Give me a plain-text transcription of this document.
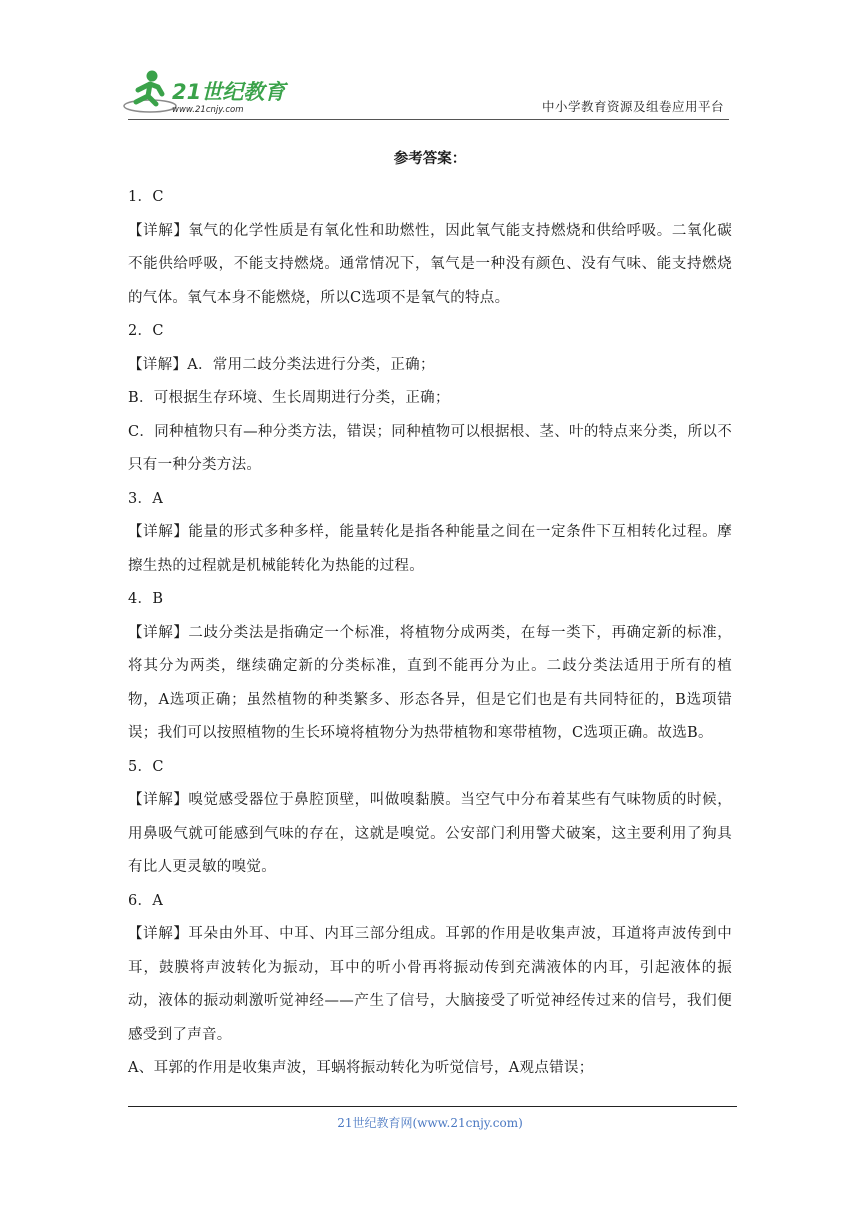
21世纪教育
www.21cnjy.com	中小学教育资源及组卷应用平台
参考答案：

1．C

【详解】氧气的化学性质是有氧化性和助燃性，因此氧气能支持燃烧和供给呼吸。二氧化碳不能供给呼吸，不能支持燃烧。通常情况下，氧气是一种没有颜色、没有气味、能支持燃烧的气体。氧气本身不能燃烧，所以C选项不是氧气的特点。

2．C

【详解】A．常用二歧分类法进行分类，正确；

B．可根据生存环境、生长周期进行分类，正确；

C．同种植物只有—种分类方法，错误；同种植物可以根据根、茎、叶的特点来分类，所以不只有一种分类方法。

3．A

【详解】能量的形式多种多样，能量转化是指各种能量之间在一定条件下互相转化过程。摩擦生热的过程就是机械能转化为热能的过程。

4．B

【详解】二歧分类法是指确定一个标准，将植物分成两类，在每一类下，再确定新的标准，将其分为两类，继续确定新的分类标准，直到不能再分为止。二歧分类法适用于所有的植物，A选项正确；虽然植物的种类繁多、形态各异，但是它们也是有共同特征的，B选项错误；我们可以按照植物的生长环境将植物分为热带植物和寒带植物，C选项正确。故选B。

5．C

【详解】嗅觉感受器位于鼻腔顶壁，叫做嗅黏膜。当空气中分布着某些有气味物质的时候，用鼻吸气就可能感到气味的存在，这就是嗅觉。公安部门利用警犬破案，这主要利用了狗具有比人更灵敏的嗅觉。

6．A

【详解】耳朵由外耳、中耳、内耳三部分组成。耳郭的作用是收集声波，耳道将声波传到中耳，鼓膜将声波转化为振动，耳中的听小骨再将振动传到充满液体的内耳，引起液体的振动，液体的振动刺激听觉神经——产生了信号，大脑接受了听觉神经传过来的信号，我们便感受到了声音。

A、耳郭的作用是收集声波，耳蜗将振动转化为听觉信号，A观点错误；

21世纪教育网(www.21cnjy.com)
